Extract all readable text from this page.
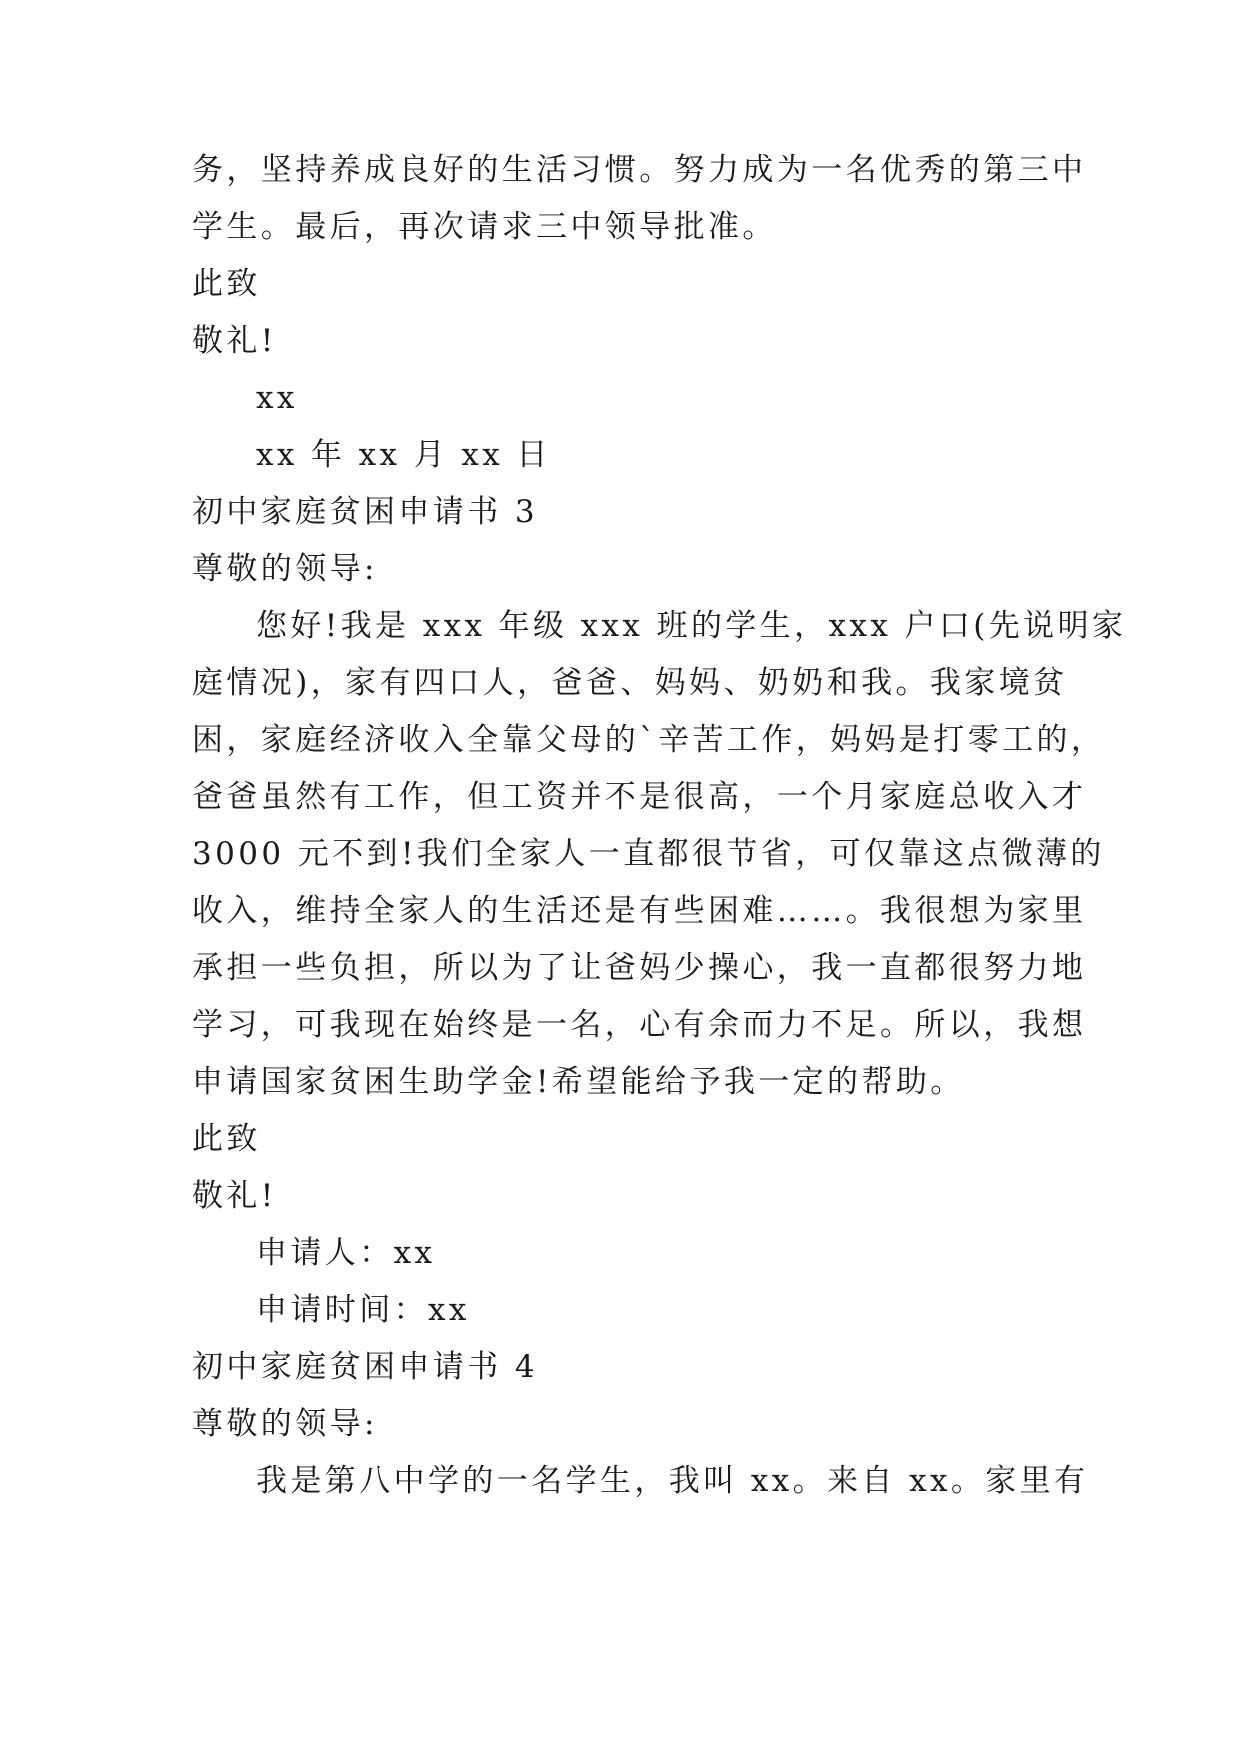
务，坚持养成良好的生活习惯。努力成为一名优秀的第三中
学生。最后，再次请求三中领导批准。
此致
敬礼!
xx
xx 年 xx 月 xx 日
初中家庭贫困申请书 3
尊敬的领导:
您好!我是 xxx 年级 xxx 班的学生，xxx 户口(先说明家
庭情况)，家有四口人，爸爸、妈妈、奶奶和我。我家境贫
困，家庭经济收入全靠父母的`辛苦工作，妈妈是打零工的，
爸爸虽然有工作，但工资并不是很高，一个月家庭总收入才
3000 元不到!我们全家人一直都很节省，可仅靠这点微薄的
收入，维持全家人的生活还是有些困难……。我很想为家里
承担一些负担，所以为了让爸妈少操心，我一直都很努力地
学习，可我现在始终是一名，心有余而力不足。所以，我想
申请国家贫困生助学金!希望能给予我一定的帮助。
此致
敬礼!
申请人：xx
申请时间：xx
初中家庭贫困申请书 4
尊敬的领导:
我是第八中学的一名学生，我叫 xx。来自 xx。家里有
